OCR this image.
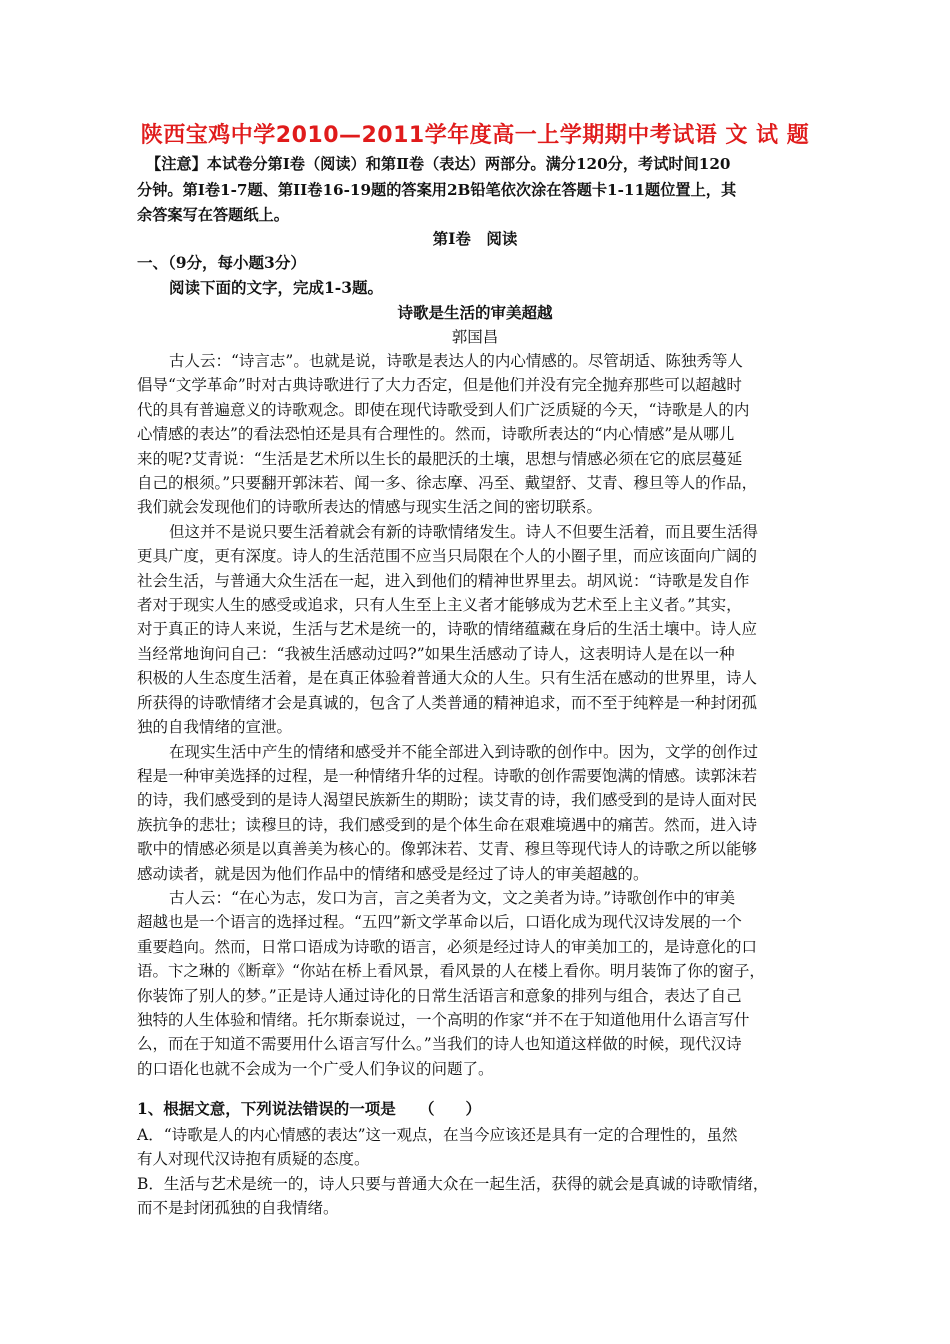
陕西宝鸡中学2010—2011学年度高一上学期期中考试语 文 试 题

【注意】本试卷分第Ⅰ卷（阅读）和第Ⅱ卷（表达）两部分。满分120分，考试时间120

分钟。第Ⅰ卷1-7题、第II卷16-19题的答案用2B铅笔依次涂在答题卡1-11题位置上，其

余答案写在答题纸上。

第Ⅰ卷　阅读
一、（9分，每小题3分）
阅读下面的文字，完成1-3题。
诗歌是生活的审美超越
郭国昌

古人云：“诗言志”。也就是说，诗歌是表达人的内心情感的。尽管胡适、陈独秀等人

倡导“文学革命”时对古典诗歌进行了大力否定，但是他们并没有完全抛弃那些可以超越时

代的具有普遍意义的诗歌观念。即使在现代诗歌受到人们广泛质疑的今天，“诗歌是人的内

心情感的表达”的看法恐怕还是具有合理性的。然而，诗歌所表达的“内心情感”是从哪儿

来的呢?艾青说：“生活是艺术所以生长的最肥沃的土壤，思想与情感必须在它的底层蔓延

自己的根须。”只要翻开郭沫若、闻一多、徐志摩、冯至、戴望舒、艾青、穆旦等人的作品，

我们就会发现他们的诗歌所表达的情感与现实生活之间的密切联系。

但这并不是说只要生活着就会有新的诗歌情绪发生。诗人不但要生活着，而且要生活得

更具广度，更有深度。诗人的生活范围不应当只局限在个人的小圈子里，而应该面向广阔的

社会生活，与普通大众生活在一起，进入到他们的精神世界里去。胡风说：“诗歌是发自作

者对于现实人生的感受或追求，只有人生至上主义者才能够成为艺术至上主义者。”其实，

对于真正的诗人来说，生活与艺术是统一的，诗歌的情绪蕴藏在身后的生活土壤中。诗人应

当经常地询问自己：“我被生活感动过吗?”如果生活感动了诗人，这表明诗人是在以一种

积极的人生态度生活着，是在真正体验着普通大众的人生。只有生活在感动的世界里，诗人

所获得的诗歌情绪才会是真诚的，包含了人类普通的精神追求，而不至于纯粹是一种封闭孤

独的自我情绪的宣泄。

在现实生活中产生的情绪和感受并不能全部进入到诗歌的创作中。因为，文学的创作过

程是一种审美选择的过程，是一种情绪升华的过程。诗歌的创作需要饱满的情感。读郭沫若

的诗，我们感受到的是诗人渴望民族新生的期盼；读艾青的诗，我们感受到的是诗人面对民

族抗争的悲壮；读穆旦的诗，我们感受到的是个体生命在艰难境遇中的痛苦。然而，进入诗

歌中的情感必须是以真善美为核心的。像郭沫若、艾青、穆旦等现代诗人的诗歌之所以能够

感动读者，就是因为他们作品中的情绪和感受是经过了诗人的审美超越的。

古人云：“在心为志，发口为言，言之美者为文，文之美者为诗。”诗歌创作中的审美

超越也是一个语言的选择过程。“五四”新文学革命以后，口语化成为现代汉诗发展的一个

重要趋向。然而，日常口语成为诗歌的语言，必须是经过诗人的审美加工的，是诗意化的口

语。卞之琳的《断章》“你站在桥上看风景，看风景的人在楼上看你。明月装饰了你的窗子，

你装饰了别人的梦。”正是诗人通过诗化的日常生活语言和意象的排列与组合，表达了自己

独特的人生体验和情绪。托尔斯泰说过，一个高明的作家“并不在于知道他用什么语言写什

么，而在于知道不需要用什么语言写什么。”当我们的诗人也知道这样做的时候，现代汉诗

的口语化也就不会成为一个广受人们争议的问题了。

1、根据文意，下列说法错误的一项是　　（　　）

A．“诗歌是人的内心情感的表达”这一观点，在当今应该还是具有一定的合理性的，虽然

有人对现代汉诗抱有质疑的态度。

B．生活与艺术是统一的，诗人只要与普通大众在一起生活，获得的就会是真诚的诗歌情绪，

而不是封闭孤独的自我情绪。
